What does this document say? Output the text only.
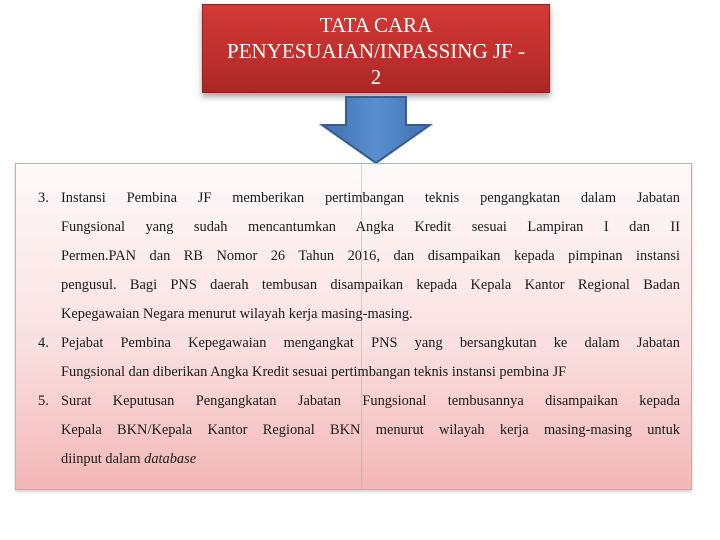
TATA CARA
PENYESUAIAN/INPASSING JF -
2
3. Instansi Pembina JF memberikan pertimbangan teknis pengangkatan dalam Jabatan
Fungsional yang sudah mencantumkan Angka Kredit sesuai Lampiran I dan II
Permen.PAN dan RB Nomor 26 Tahun 2016, dan disampaikan kepada pimpinan instansi
pengusul. Bagi PNS daerah tembusan disampaikan kepada Kepala Kantor Regional Badan
Kepegawaian Negara menurut wilayah kerja masing-masing.
4. Pejabat Pembina Kepegawaian mengangkat PNS yang bersangkutan ke dalam Jabatan
Fungsional dan diberikan Angka Kredit sesuai pertimbangan teknis instansi pembina JF
5. Surat Keputusan Pengangkatan Jabatan Fungsional tembusannya disampaikan kepada
Kepala BKN/Kepala Kantor Regional BKN menurut wilayah kerja masing-masing untuk
diinput dalam database
